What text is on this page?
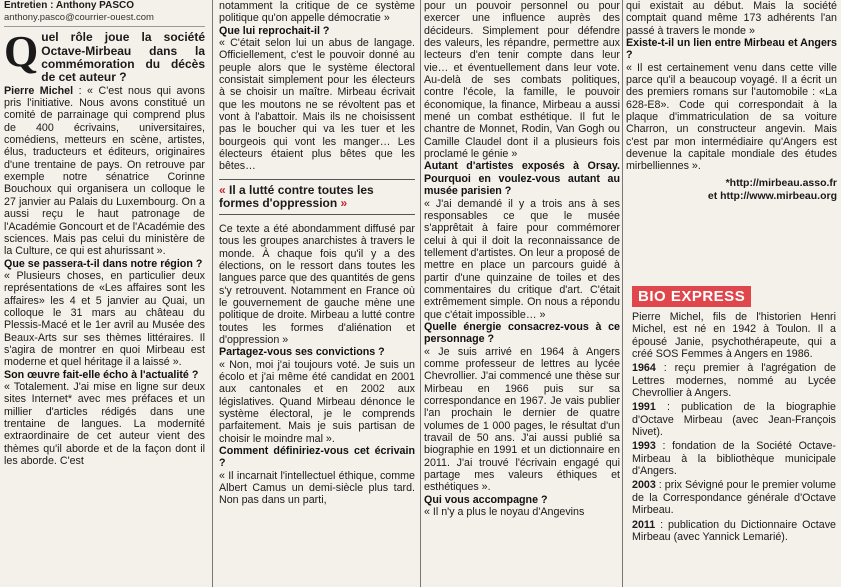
Entretien : Anthony PASCO
anthony.pasco@courrier-ouest.com

Quel rôle joue la société Octave-Mirbeau dans la commémoration du décès de cet auteur ?
Pierre Michel : « C'est nous qui avons pris l'initiative. Nous avons constitué un comité de parrainage qui comprend plus de 400 écrivains, universitaires, comédiens, metteurs en scène, artistes, élus, traducteurs et éditeurs, originaires d'une trentaine de pays. On retrouve par exemple notre sénatrice Corinne Bouchoux qui organisera un colloque le 27 janvier au Palais du Luxembourg. On a aussi reçu le haut patronage de l'Académie Goncourt et de l'Académie des sciences. Mais pas celui du ministère de la Culture, ce qui est ahurissant ».

Que se passera-t-il dans notre région ?

« Plusieurs choses, en particulier deux représentations de «Les affaires sont les affaires» les 4 et 5 janvier au Quai, un colloque le 31 mars au château du Plessis-Macé et le 1er avril au Musée des Beaux-Arts sur ses thèmes littéraires. Il s'agira de montrer en quoi Mirbeau est moderne et quel héritage il a laissé ».

Son œuvre fait-elle écho à l'actualité ?

« Totalement. J'ai mise en ligne sur deux sites Internet* avec mes préfaces et un millier d'articles rédigés dans une trentaine de langues. La modernité extraordinaire de cet auteur vient des thèmes qu'il aborde et de la façon dont il les aborde. C'est

notamment la critique de ce système politique qu'on appelle démocratie »

Que lui reprochait-il ?

« C'était selon lui un abus de langage. Officiellement, c'est le pouvoir donné au peuple alors que le système électoral consistait simplement pour les électeurs à se choisir un maître. Mirbeau écrivait que les moutons ne se révoltent pas et vont à l'abattoir. Mais ils ne choisissent pas le boucher qui va les tuer et les bourgeois qui vont les manger… Les électeurs étaient plus bêtes que les bêtes…

« Il a lutté contre toutes les formes d'oppression »

Ce texte a été abondamment diffusé par tous les groupes anarchistes à travers le monde. À chaque fois qu'il y a des élections, on le ressort dans toutes les langues parce que des quantités de gens s'y retrouvent. Notamment en France où le gouvernement de gauche mène une politique de droite. Mirbeau a lutté contre toutes les formes d'aliénation et d'oppression »

Partagez-vous ses convictions ?

« Non, moi j'ai toujours voté. Je suis un écolo et j'ai même été candidat en 2001 aux cantonales et en 2002 aux législatives. Quand Mirbeau dénonce le système électoral, je le comprends parfaitement. Mais je suis partisan de choisir le moindre mal ».

Comment définiriez-vous cet écrivain ?

« Il incarnait l'intellectuel éthique, comme Albert Camus un demi-siècle plus tard. Non pas dans un parti,

pour un pouvoir personnel ou pour exercer une influence auprès des décideurs. Simplement pour défendre des valeurs, les répandre, permettre aux lecteurs d'en tenir compte dans leur vie… et éventuellement dans leur vote. Au-delà de ses combats politiques, contre l'école, la famille, le pouvoir économique, la finance, Mirbeau a aussi mené un combat esthétique. Il fut le chantre de Monnet, Rodin, Van Gogh ou Camille Claudel dont il a plusieurs fois proclamé le génie »

Autant d'artistes exposés à Orsay. Pourquoi en voulez-vous autant au musée parisien ?

« J'ai demandé il y a trois ans à ses responsables ce que le musée s'apprêtait à faire pour commémorer celui à qui il doit la reconnaissance de tellement d'artistes. On leur a proposé de mettre en place un parcours guidé à partir d'une quinzaine de toiles et des commentaires du critique d'art. C'était extrêmement simple. On nous a répondu que c'était impossible… »

Quelle énergie consacrez-vous à ce personnage ?

« Je suis arrivé en 1964 à Angers comme professeur de lettres au lycée Chevrollier. J'ai commencé une thèse sur Mirbeau en 1966 puis sur sa correspondance en 1967. Je vais publier l'an prochain le dernier de quatre volumes de 1 000 pages, le résultat d'un travail de 50 ans. J'ai aussi publié sa biographie en 1991 et un dictionnaire en 2011. J'ai trouvé l'écrivain engagé qui partage mes valeurs éthiques et esthétiques ».

Qui vous accompagne ?

« Il n'y a plus le noyau d'Angevins

qui existait au début. Mais la société comptait quand même 173 adhérents l'an passé à travers le monde »

Existe-t-il un lien entre Mirbeau et Angers ?

« Il est certainement venu dans cette ville parce qu'il a beaucoup voyagé. Il a écrit un des premiers romans sur l'automobile : «La 628-E8». Code qui correspondait à la plaque d'immatriculation de sa voiture Charron, un constructeur angevin. Mais c'est par mon intermédiaire qu'Angers est devenue la capitale mondiale des études mirbelliennes ».

*http://mirbeau.asso.fr
et http://www.mirbeau.org
BIO EXPRESS

Pierre Michel, fils de l'historien Henri Michel, est né en 1942 à Toulon. Il a épousé Janie, psychothérapeute, qui a créé SOS Femmes à Angers en 1986.

1964 : reçu premier à l'agrégation de Lettres modernes, nommé au Lycée Chevrollier à Angers.

1991 : publication de la biographie d'Octave Mirbeau (avec Jean-François Nivet).

1993 : fondation de la Société Octave-Mirbeau à la bibliothèque municipale d'Angers.

2003 : prix Sévigné pour le premier volume de la Correspondance générale d'Octave Mirbeau.

2011 : publication du Dictionnaire Octave Mirbeau (avec Yannick Lemarié).
